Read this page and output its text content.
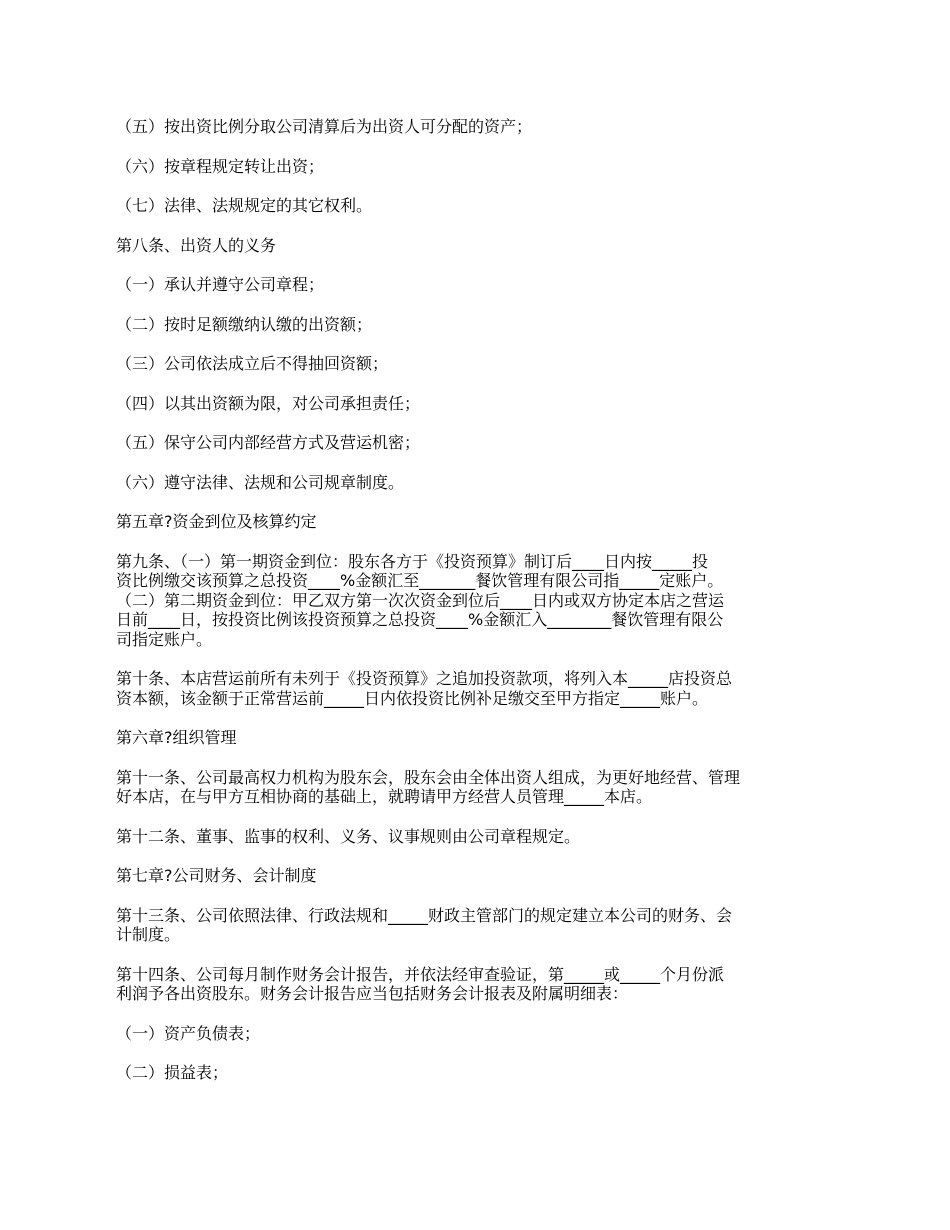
（五）按出资比例分取公司清算后为出资人可分配的资产；

（六）按章程规定转让出资；

（七）法律、法规规定的其它权利。

第八条、出资人的义务

（一）承认并遵守公司章程；

（二）按时足额缴纳认缴的出资额；

（三）公司依法成立后不得抽回资额；

（四）以其出资额为限，对公司承担责任；

（五）保守公司内部经营方式及营运机密；

（六）遵守法律、法规和公司规章制度。

第五章?资金到位及核算约定

第九条、（一）第一期资金到位：股东各方于《投资预算》制订后____日内按_____投
资比例缴交该预算之总投资____%金额汇至_______餐饮管理有限公司指_____定账户。
（二）第二期资金到位：甲乙双方第一次次资金到位后____日内或双方协定本店之营运
日前____日，按投资比例该投资预算之总投资____%金额汇入________餐饮管理有限公
司指定账户。

第十条、本店营运前所有未列于《投资预算》之追加投资款项，将列入本_____店投资总
资本额，该金额于正常营运前_____日内依投资比例补足缴交至甲方指定_____账户。

第六章?组织管理

第十一条、公司最高权力机构为股东会，股东会由全体出资人组成，为更好地经营、管理
好本店，在与甲方互相协商的基础上，就聘请甲方经营人员管理_____本店。

第十二条、董事、监事的权利、义务、议事规则由公司章程规定。

第七章?公司财务、会计制度

第十三条、公司依照法律、行政法规和_____财政主管部门的规定建立本公司的财务、会
计制度。

第十四条、公司每月制作财务会计报告，并依法经审查验证，第_____或_____个月份派
利润予各出资股东。财务会计报告应当包括财务会计报表及附属明细表：

（一）资产负债表；

（二）损益表；
